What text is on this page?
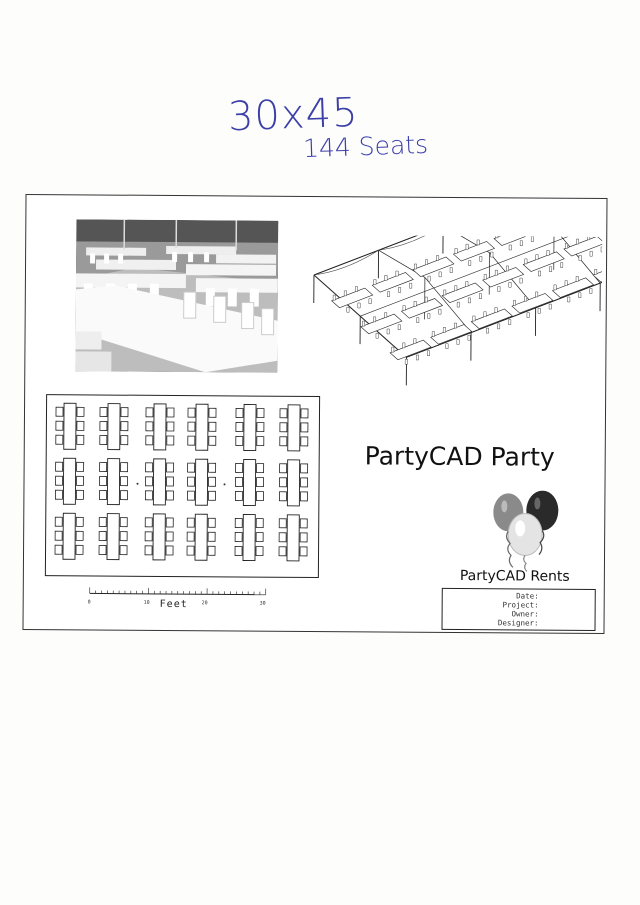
30x45
144 Seats
0	10	20	30
Feet
PartyCAD Party
PartyCAD Rents
Date:
Project:
Owner:
Designer:
